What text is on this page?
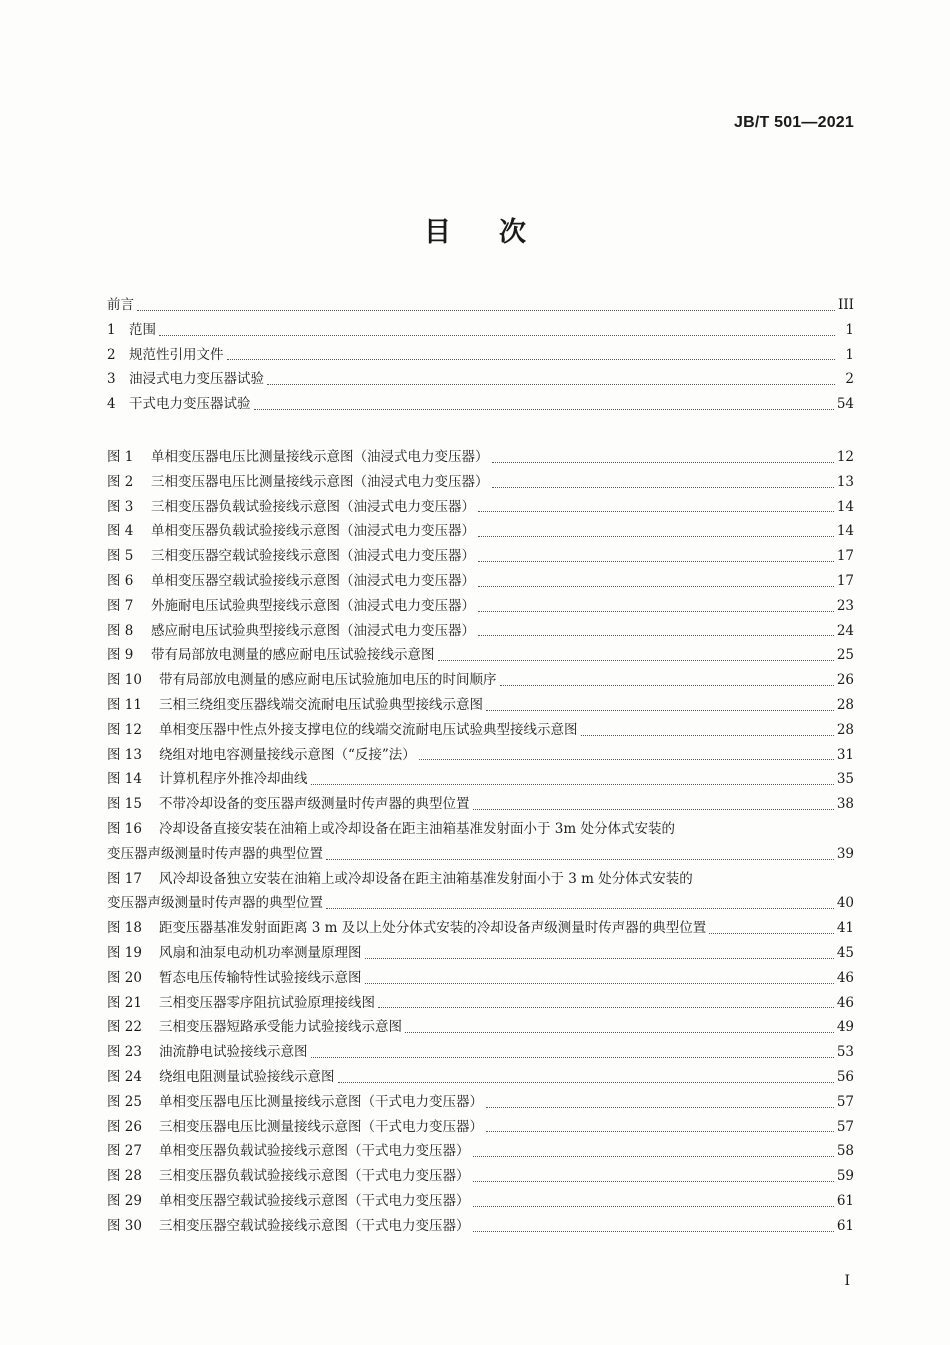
JB/T 501—2021
目次
前言	III
1 范围	1
2 规范性引用文件	1
3 油浸式电力变压器试验	2
4 干式电力变压器试验	54
图 1 单相变压器电压比测量接线示意图（油浸式电力变压器）	12
图 2 三相变压器电压比测量接线示意图（油浸式电力变压器）	13
图 3 三相变压器负载试验接线示意图（油浸式电力变压器）	14
图 4 单相变压器负载试验接线示意图（油浸式电力变压器）	14
图 5 三相变压器空载试验接线示意图（油浸式电力变压器）	17
图 6 单相变压器空载试验接线示意图（油浸式电力变压器）	17
图 7 外施耐电压试验典型接线示意图（油浸式电力变压器）	23
图 8 感应耐电压试验典型接线示意图（油浸式电力变压器）	24
图 9 带有局部放电测量的感应耐电压试验接线示意图	25
图 10 带有局部放电测量的感应耐电压试验施加电压的时间顺序	26
图 11 三相三绕组变压器线端交流耐电压试验典型接线示意图	28
图 12 单相变压器中性点外接支撑电位的线端交流耐电压试验典型接线示意图	28
图 13 绕组对地电容测量接线示意图（“反接”法）	31
图 14 计算机程序外推冷却曲线	35
图 15 不带冷却设备的变压器声级测量时传声器的典型位置	38
图 16 冷却设备直接安装在油箱上或冷却设备在距主油箱基准发射面小于 3m 处分体式安装的
变压器声级测量时传声器的典型位置	39
图 17 风冷却设备独立安装在油箱上或冷却设备在距主油箱基准发射面小于 3 m 处分体式安装的
变压器声级测量时传声器的典型位置	40
图 18 距变压器基准发射面距离 3 m 及以上处分体式安装的冷却设备声级测量时传声器的典型位置	41
图 19 风扇和油泵电动机功率测量原理图	45
图 20 暂态电压传输特性试验接线示意图	46
图 21 三相变压器零序阻抗试验原理接线图	46
图 22 三相变压器短路承受能力试验接线示意图	49
图 23 油流静电试验接线示意图	53
图 24 绕组电阻测量试验接线示意图	56
图 25 单相变压器电压比测量接线示意图（干式电力变压器）	57
图 26 三相变压器电压比测量接线示意图（干式电力变压器）	57
图 27 单相变压器负载试验接线示意图（干式电力变压器）	58
图 28 三相变压器负载试验接线示意图（干式电力变压器）	59
图 29 单相变压器空载试验接线示意图（干式电力变压器）	61
图 30 三相变压器空载试验接线示意图（干式电力变压器）	61
I
